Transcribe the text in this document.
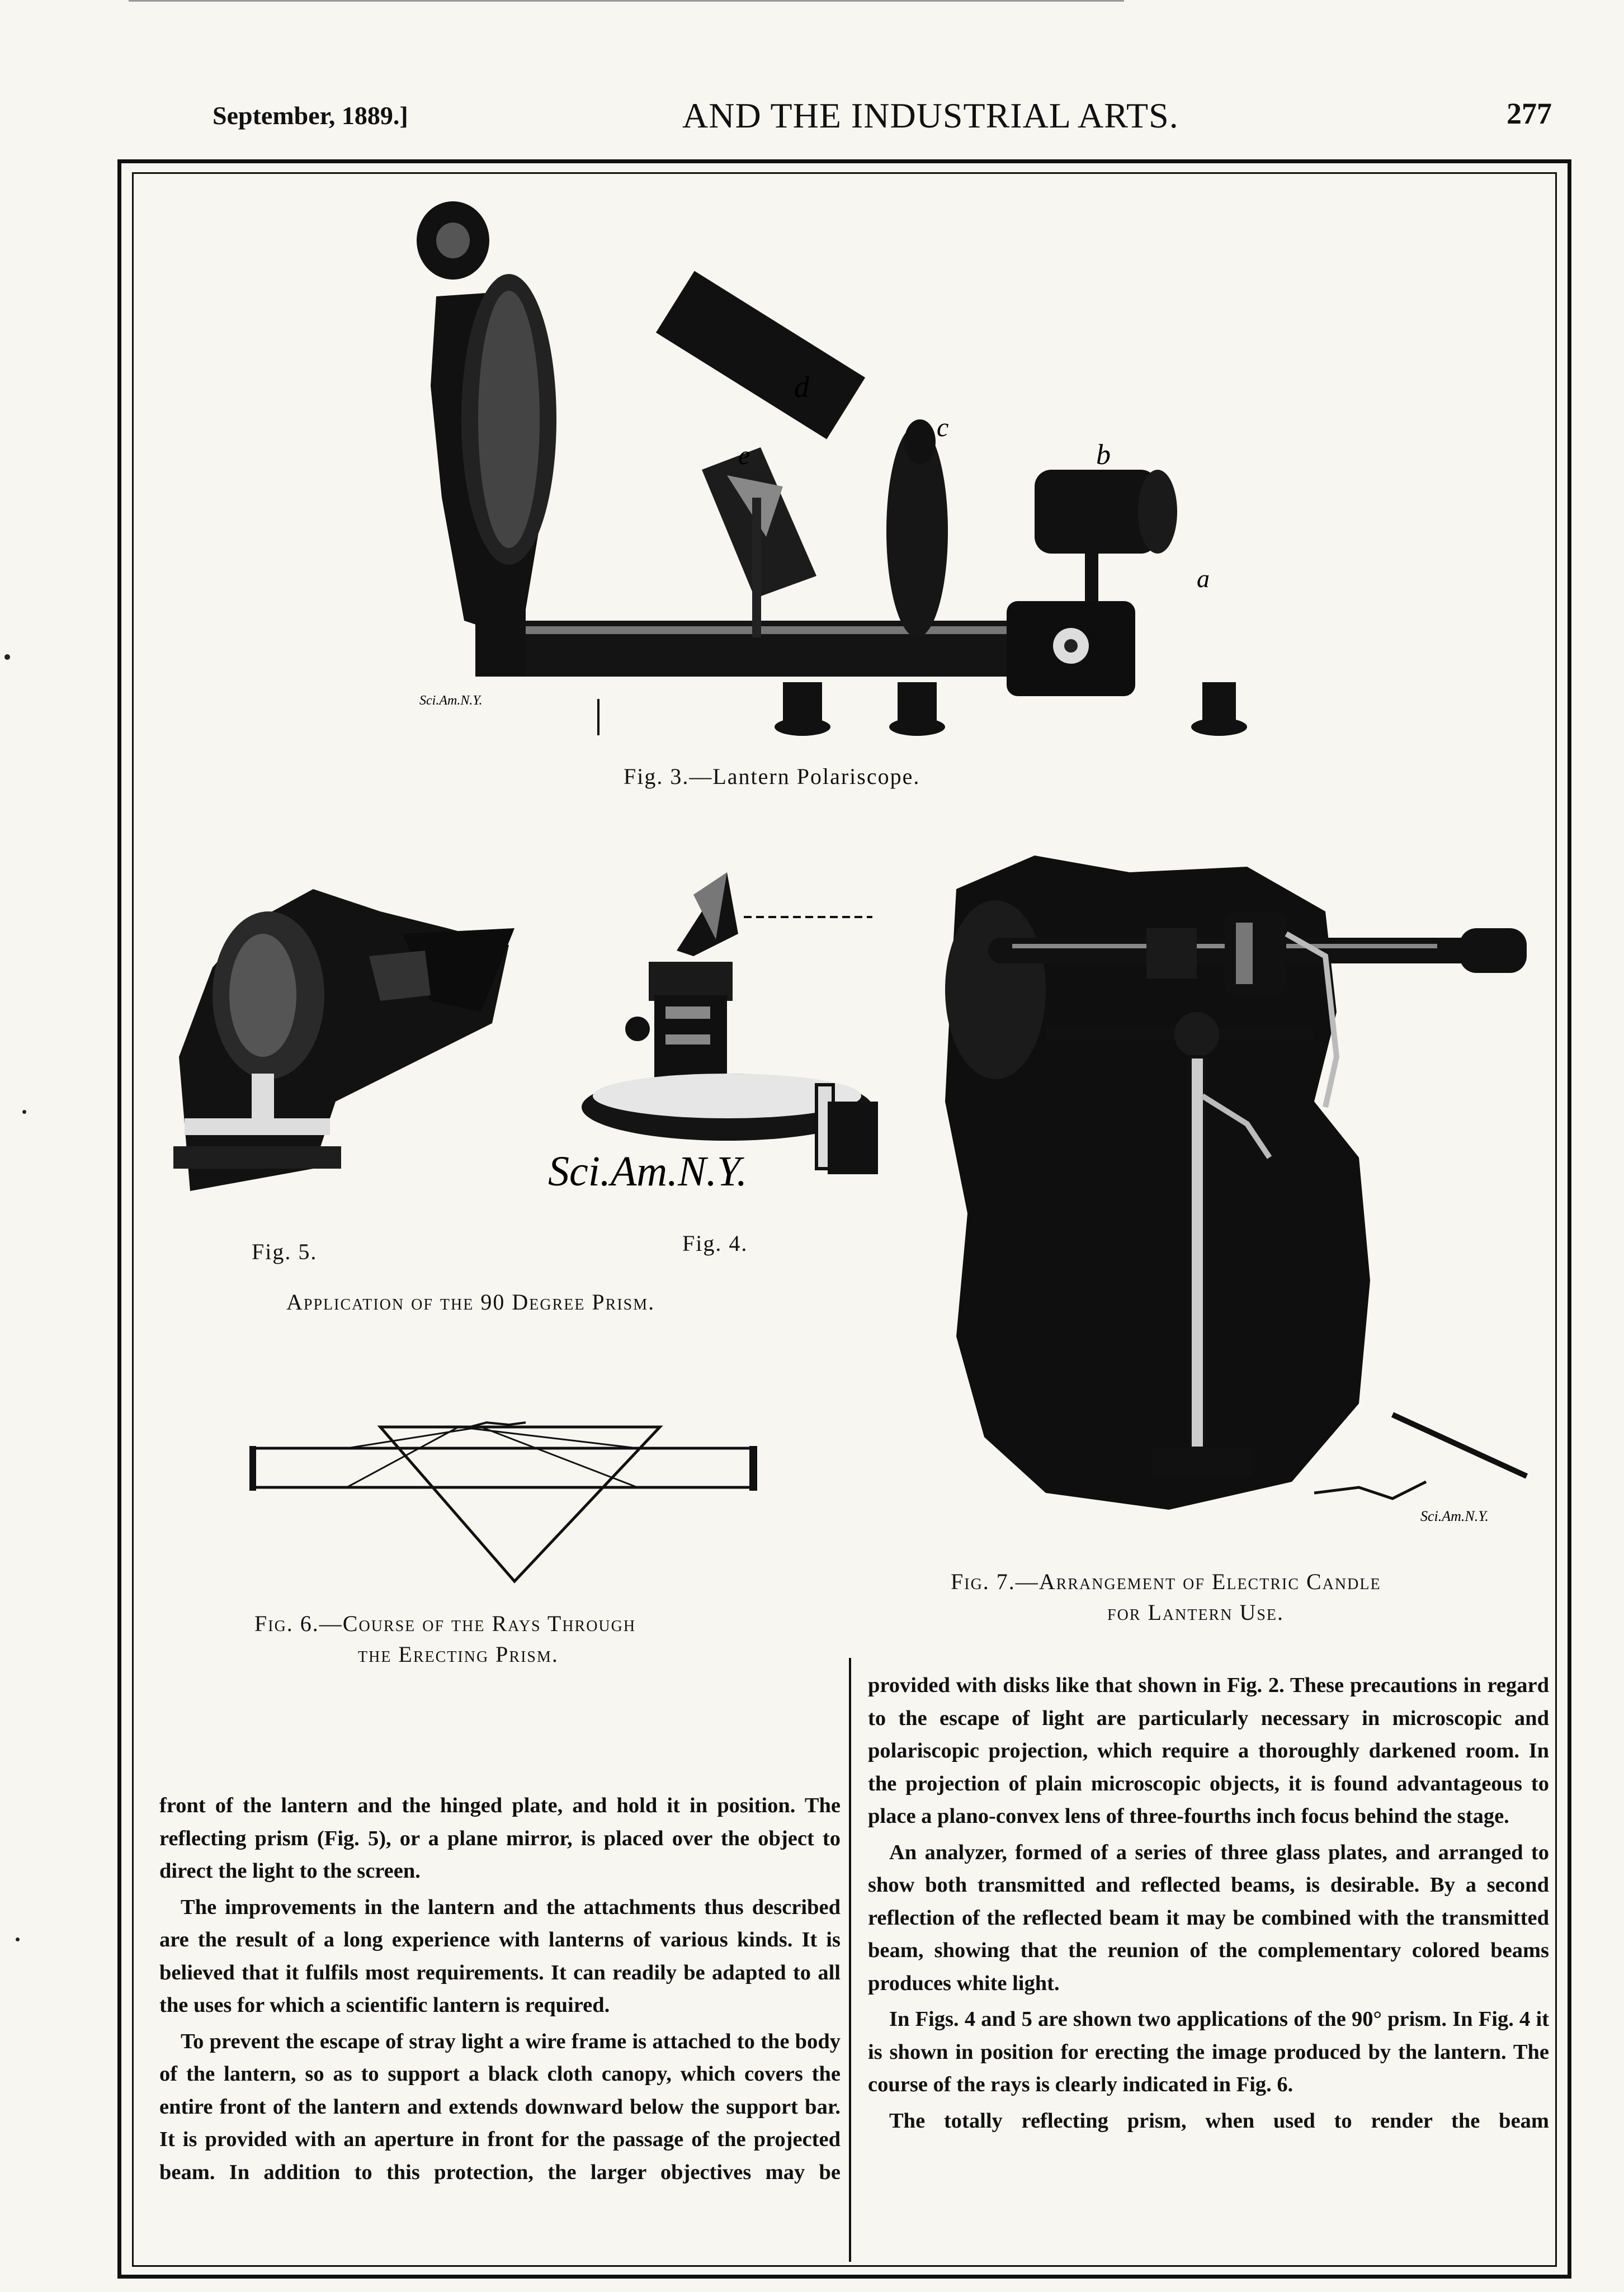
September, 1889.]	AND THE INDUSTRIAL ARTS.	277
d
e
c
b
a
Sci.Am.N.Y.
Fig. 3.—Lantern Polariscope.
Sci.Am.N.Y.
Fig. 5.	Fig. 4.
Application of the 90 Degree Prism.
Sci.Am.N.Y.
Fig. 7.—Arrangement of Electric Candle
for Lantern Use.
Fig. 6.—Course of the Rays Through
the Erecting Prism.

front of the lantern and the hinged plate, and hold it in position. The reflecting prism (Fig. 5), or a plane mirror, is placed over the object to direct the light to the screen.

The improvements in the lantern and the attachments thus described are the result of a long experience with lanterns of various kinds. It is believed that it fulfils most requirements. It can readily be adapted to all the uses for which a scientific lantern is required.

To prevent the escape of stray light a wire frame is attached to the body of the lantern, so as to support a black cloth canopy, which covers the entire front of the lantern and extends downward below the support bar. It is provided with an aperture in front for the passage of the projected beam. In addition to this protection, the larger objectives may be

provided with disks like that shown in Fig. 2. These precautions in regard to the escape of light are particularly necessary in microscopic and polariscopic projection, which require a thoroughly darkened room. In the projection of plain microscopic objects, it is found advantageous to place a plano-convex lens of three-fourths inch focus behind the stage.

An analyzer, formed of a series of three glass plates, and arranged to show both transmitted and reflected beams, is desirable. By a second reflection of the reflected beam it may be combined with the transmitted beam, showing that the reunion of the complementary colored beams produces white light.

In Figs. 4 and 5 are shown two applications of the 90° prism. In Fig. 4 it is shown in position for erecting the image produced by the lantern. The course of the rays is clearly indicated in Fig. 6.

The totally reflecting prism, when used to render the beam
